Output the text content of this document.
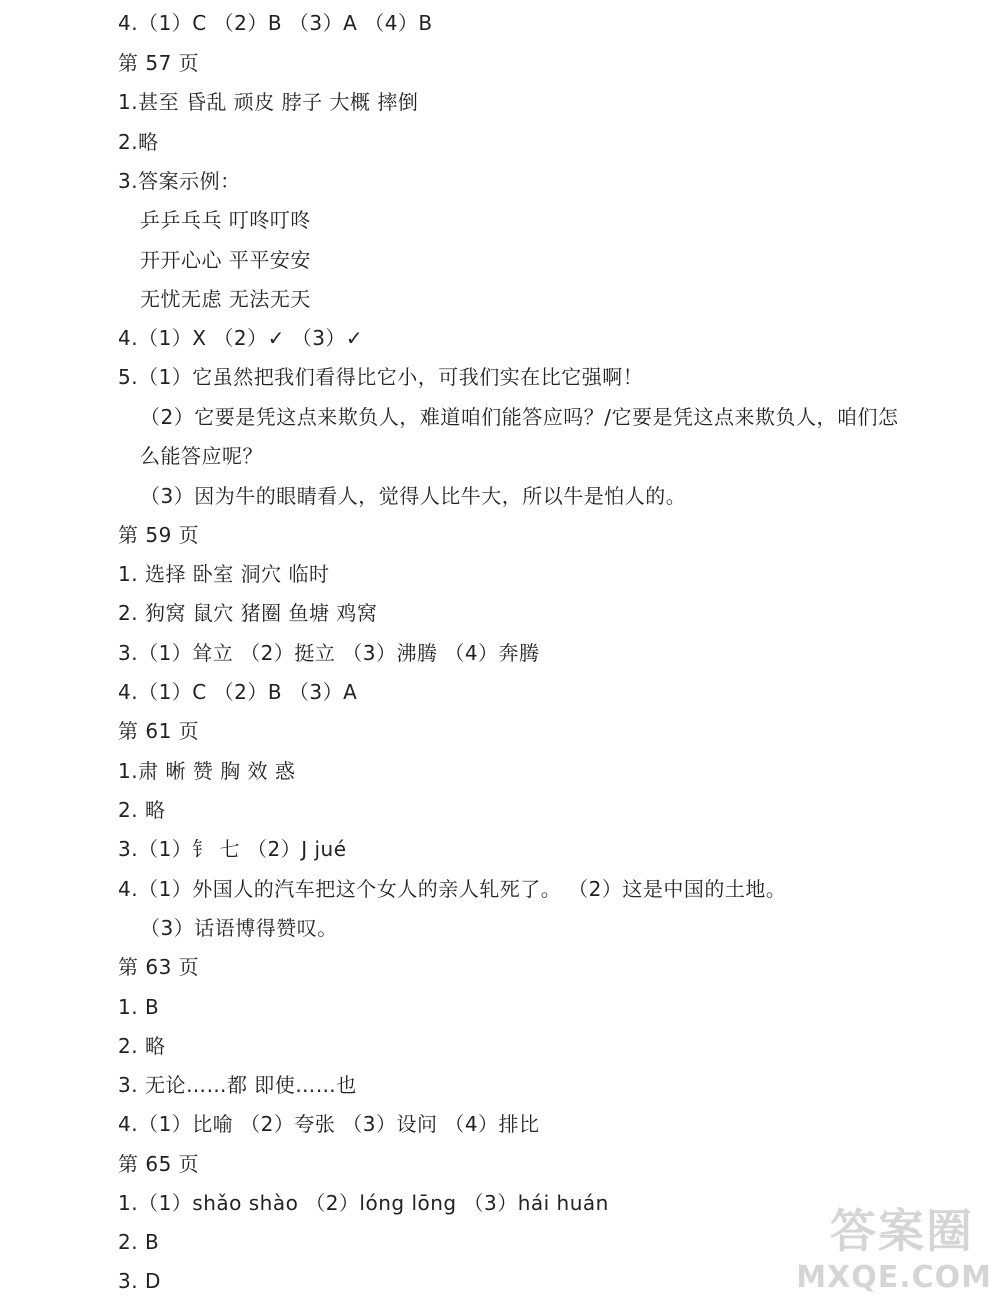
4.（1）C （2）B （3）A （4）B
第 57 页
1.甚至 昏乱 顽皮 脖子 大概 摔倒
2.略
3.答案示例：
乒乒乓乓 叮咚叮咚
开开心心 平平安安
无忧无虑 无法无天
4.（1）X （2）✓ （3）✓
5.（1）它虽然把我们看得比它小，可我们实在比它强啊！
（2）它要是凭这点来欺负人，难道咱们能答应吗？/它要是凭这点来欺负人，咱们怎
么能答应呢？
（3）因为牛的眼睛看人，觉得人比牛大，所以牛是怕人的。
第 59 页
1. 选择 卧室 洞穴 临时
2. 狗窝 鼠穴 猪圈 鱼塘 鸡窝
3.（1）耸立 （2）挺立 （3）沸腾 （4）奔腾
4.（1）C （2）B （3）A
第 61 页
1.肃 晰 赞 胸 效 惑
2. 略
3.（1）钅 七 （2）J jué
4.（1）外国人的汽车把这个女人的亲人轧死了。 （2）这是中国的土地。
（3）话语博得赞叹。
第 63 页
1. B
2. 略
3. 无论……都 即使……也
4.（1）比喻 （2）夸张 （3）设问 （4）排比
第 65 页
1.（1）shǎo shào （2）lóng lōng （3）hái huán
2. B
3. D
答案圈
MXQE.COM
